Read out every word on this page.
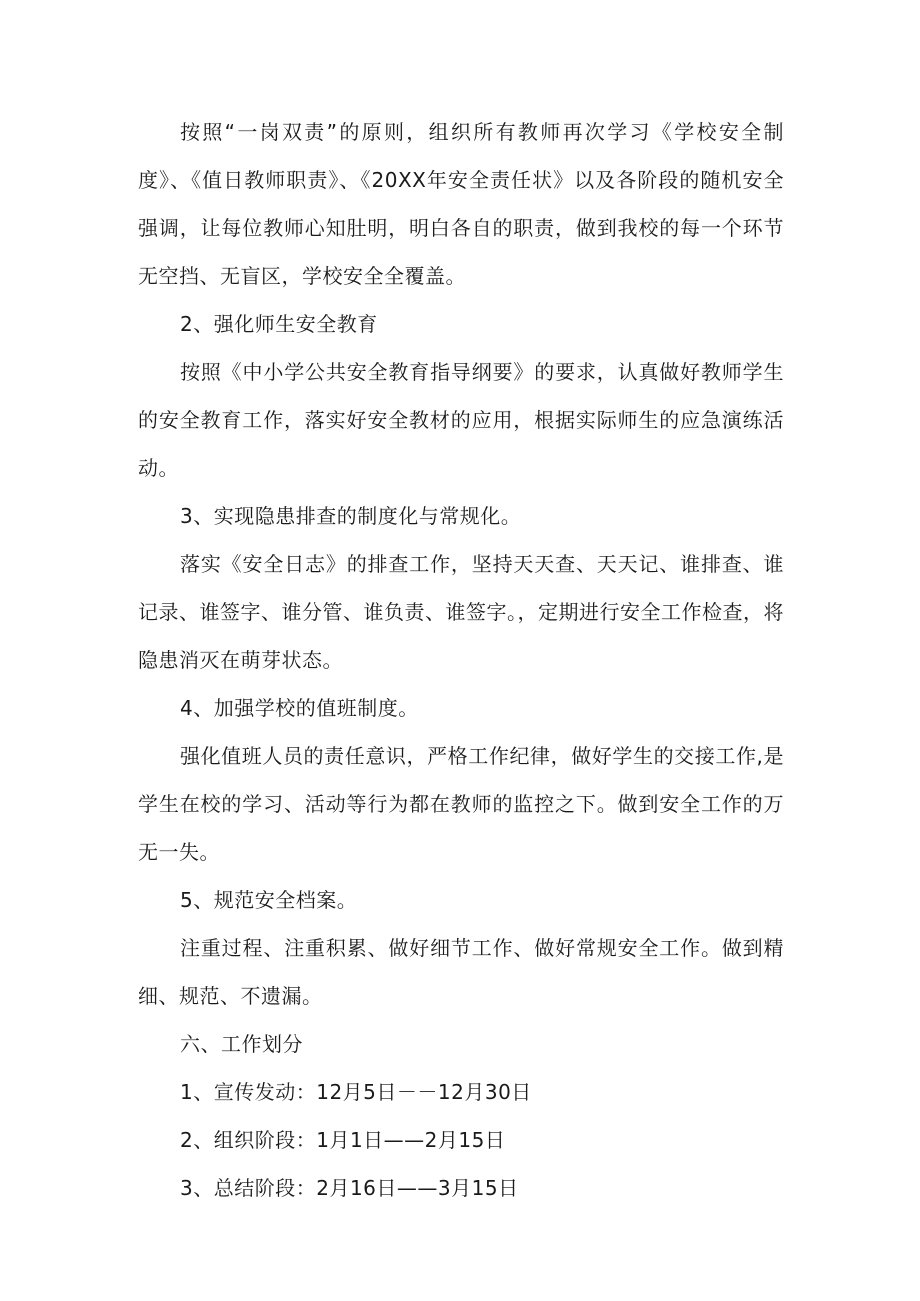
按照“一岗双责”的原则，组织所有教师再次学习《学校安全制度》、《值日教师职责》、《20XX年安全责任状》以及各阶段的随机安全强调，让每位教师心知肚明，明白各自的职责，做到我校的每一个环节无空挡、无盲区，学校安全全覆盖。

2、强化师生安全教育

按照《中小学公共安全教育指导纲要》的要求，认真做好教师学生的安全教育工作，落实好安全教材的应用，根据实际师生的应急演练活动。

3、实现隐患排查的制度化与常规化。

落实《安全日志》的排查工作，坚持天天查、天天记、谁排查、谁记录、谁签字、谁分管、谁负责、谁签字。，定期进行安全工作检查，将隐患消灭在萌芽状态。

4、加强学校的值班制度。

强化值班人员的责任意识，严格工作纪律，做好学生的交接工作,是学生在校的学习、活动等行为都在教师的监控之下。做到安全工作的万无一失。

5、规范安全档案。

注重过程、注重积累、做好细节工作、做好常规安全工作。做到精细、规范、不遗漏。

六、工作划分

1、宣传发动：12月5日－－12月30日

2、组织阶段：1月1日——2月15日

3、总结阶段：2月16日——3月15日
